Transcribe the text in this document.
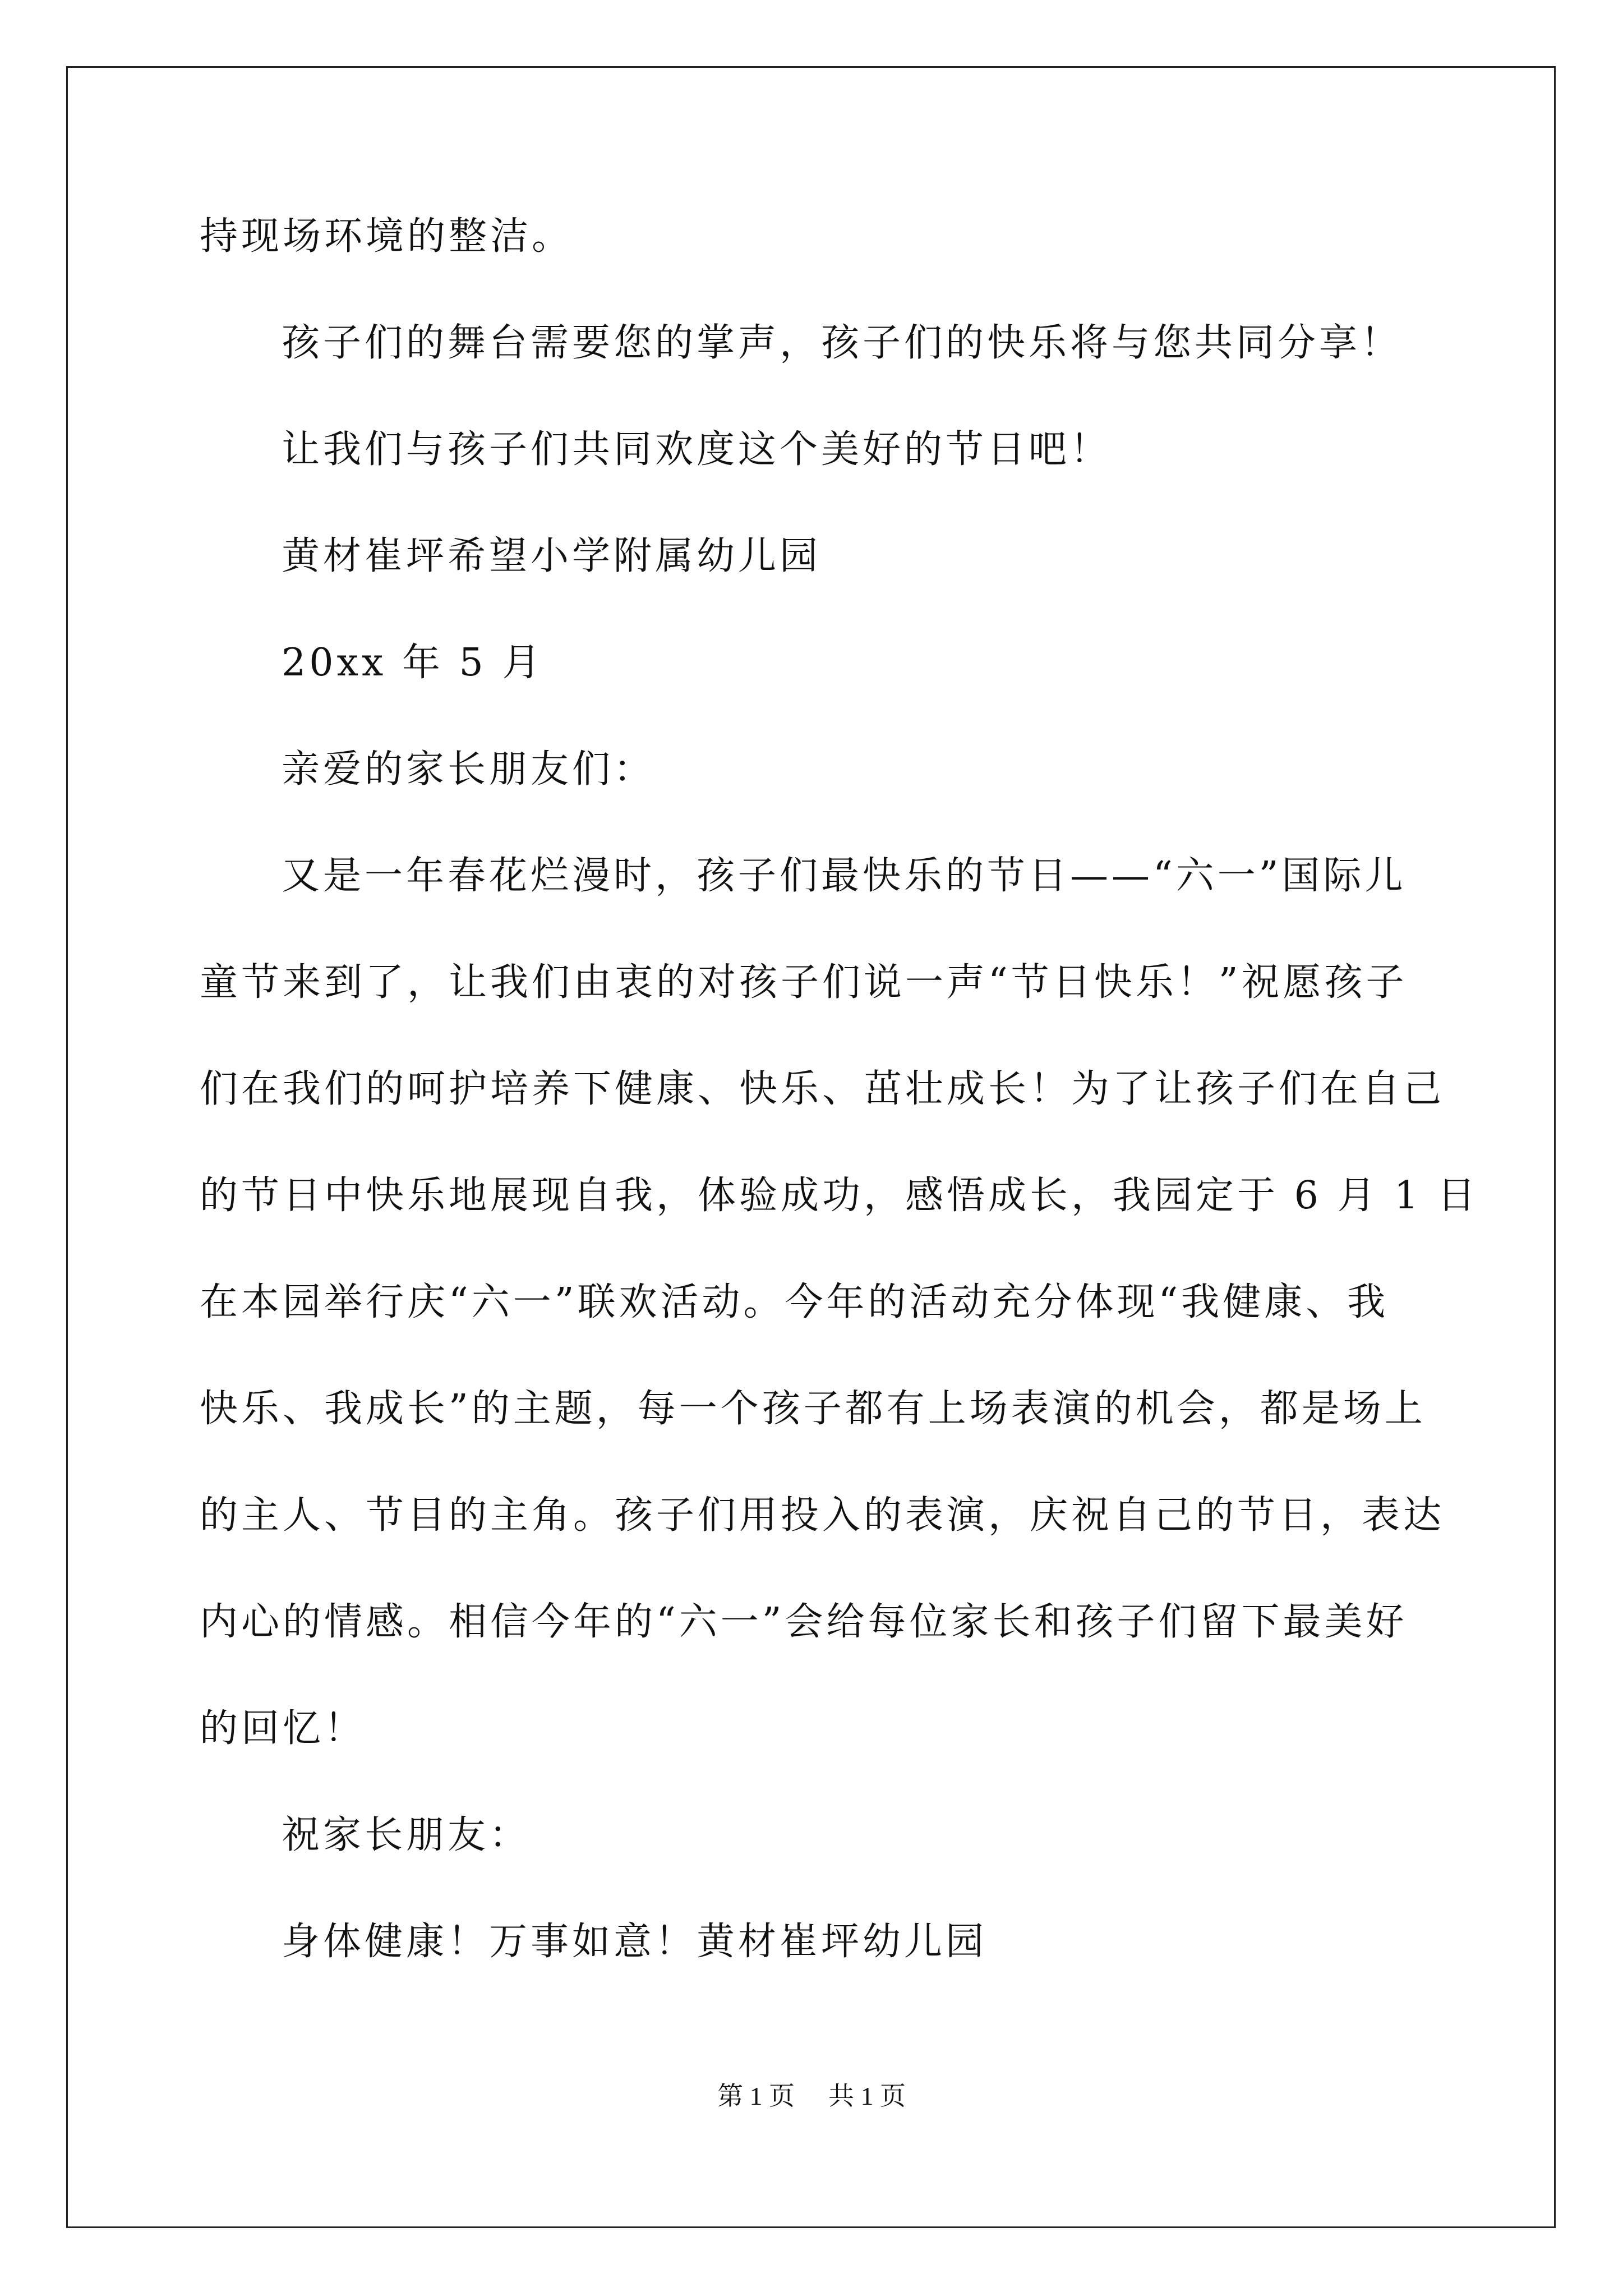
持现场环境的整洁。
孩子们的舞台需要您的掌声，孩子们的快乐将与您共同分享！
让我们与孩子们共同欢度这个美好的节日吧！
黄材崔坪希望小学附属幼儿园
20xx 年 5 月
亲爱的家长朋友们：
又是一年春花烂漫时，孩子们最快乐的节日——“六一”国际儿
童节来到了，让我们由衷的对孩子们说一声“节日快乐！”祝愿孩子
们在我们的呵护培养下健康、快乐、茁壮成长！为了让孩子们在自己
的节日中快乐地展现自我，体验成功，感悟成长，我园定于 6 月 1 日
在本园举行庆“六一”联欢活动。今年的活动充分体现“我健康、我
快乐、我成长”的主题，每一个孩子都有上场表演的机会，都是场上
的主人、节目的主角。孩子们用投入的表演，庆祝自己的节日，表达
内心的情感。相信今年的“六一”会给每位家长和孩子们留下最美好
的回忆！
祝家长朋友：
身体健康！万事如意！黄材崔坪幼儿园
第 1 页 共 1 页
